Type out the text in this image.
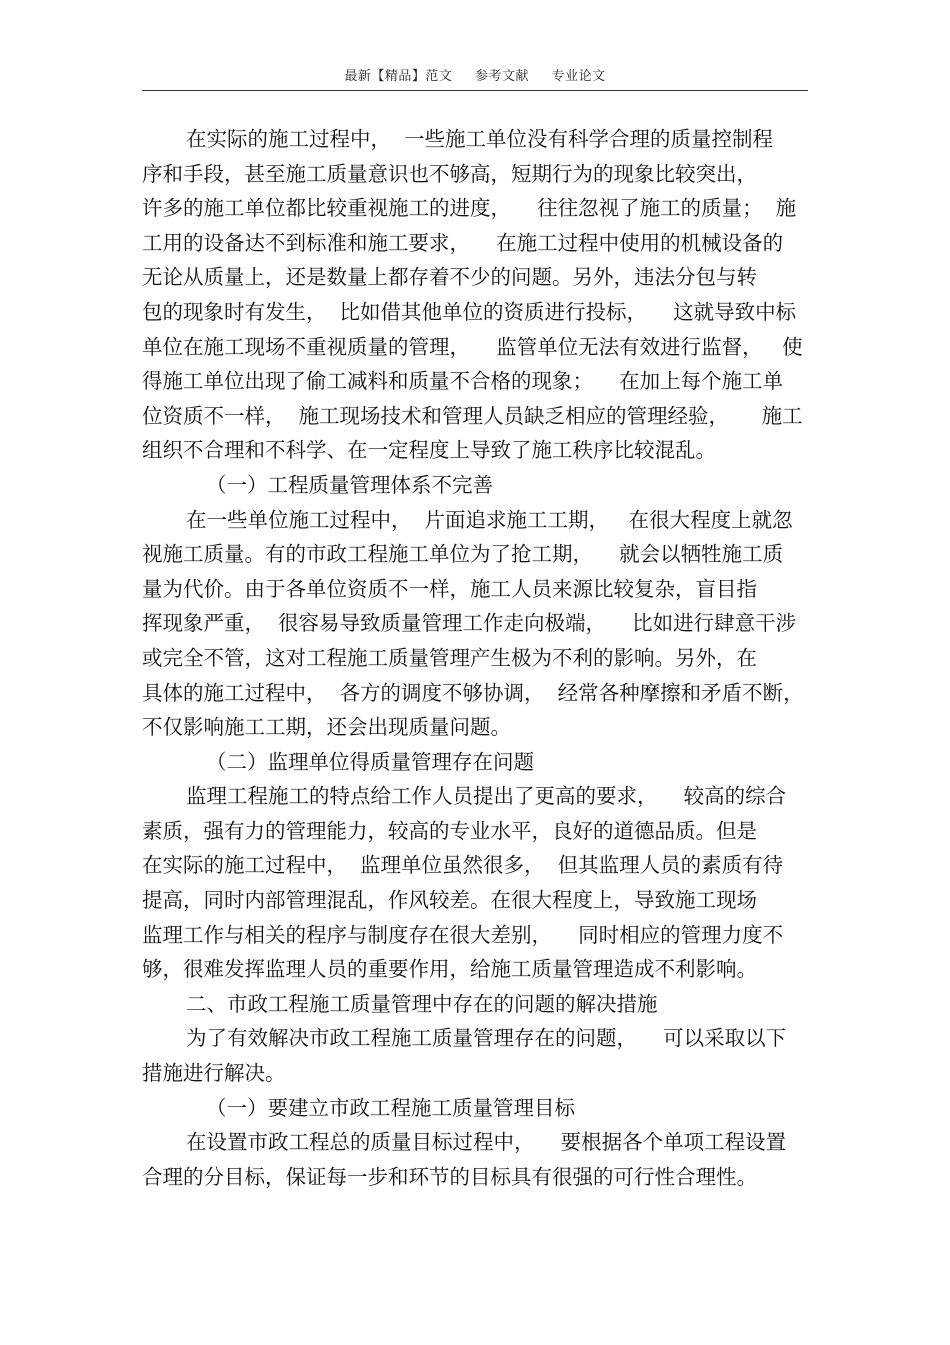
最新【精品】范文 参考文献 专业论文
在实际的施工过程中，  一些施工单位没有科学合理的质量控制程
序和手段，甚至施工质量意识也不够高，短期行为的现象比较突出，
许多的施工单位都比较重视施工的进度，    往往忽视了施工的质量；  施
工用的设备达不到标准和施工要求，    在施工过程中使用的机械设备的
无论从质量上，还是数量上都存着不少的问题。另外，违法分包与转
包的现象时有发生，  比如借其他单位的资质进行投标，    这就导致中标
单位在施工现场不重视质量的管理，    监管单位无法有效进行监督，   使
得施工单位出现了偷工减料和质量不合格的现象；    在加上每个施工单
位资质不一样，  施工现场技术和管理人员缺乏相应的管理经验，     施工
组织不合理和不科学、在一定程度上导致了施工秩序比较混乱。
（一）工程质量管理体系不完善
在一些单位施工过程中，  片面追求施工工期，   在很大程度上就忽
视施工质量。有的市政工程施工单位为了抢工期，    就会以牺牲施工质
量为代价。由于各单位资质不一样，施工人员来源比较复杂，盲目指
挥现象严重，  很容易导致质量管理工作走向极端，    比如进行肆意干涉
或完全不管，这对工程施工质量管理产生极为不利的影响。另外，在
具体的施工过程中，  各方的调度不够协调，  经常各种摩擦和矛盾不断，
不仅影响施工工期，还会出现质量问题。
（二）监理单位得质量管理存在问题
监理工程施工的特点给工作人员提出了更高的要求，    较高的综合
素质，强有力的管理能力，较高的专业水平，良好的道德品质。但是
在实际的施工过程中，  监理单位虽然很多，  但其监理人员的素质有待
提高，同时内部管理混乱，作风较差。在很大程度上，导致施工现场
监理工作与相关的程序与制度存在很大差别，    同时相应的管理力度不
够，很难发挥监理人员的重要作用，给施工质量管理造成不利影响。
二、市政工程施工质量管理中存在的问题的解决措施
为了有效解决市政工程施工质量管理存在的问题，    可以采取以下
措施进行解决。
（一）要建立市政工程施工质量管理目标
在设置市政工程总的质量目标过程中，    要根据各个单项工程设置
合理的分目标，保证每一步和环节的目标具有很强的可行性合理性。
